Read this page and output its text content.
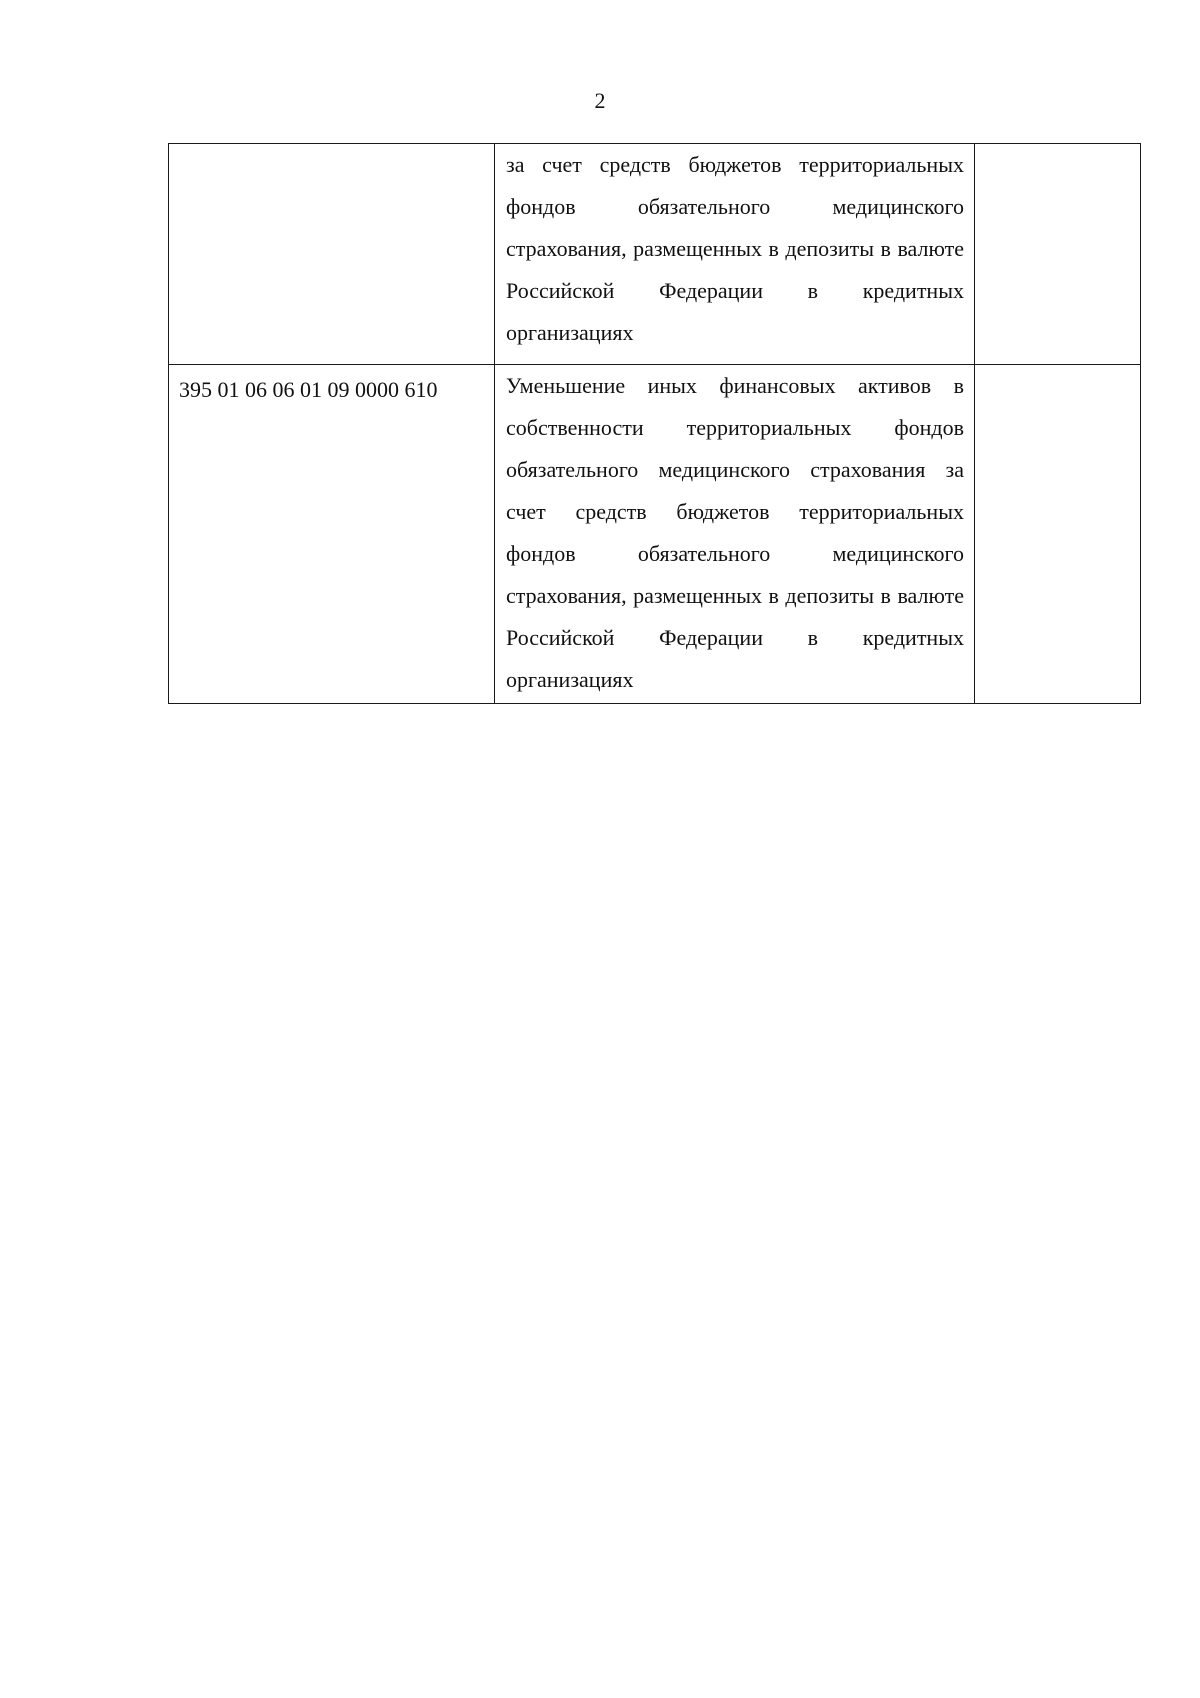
2
	за счет средств бюджетов территориальных фондов обязательного медицинского страхования, размещенных в депозиты в валюте Российской Федерации в кредитных организациях	
395 01 06 06 01 09 0000 610	Уменьшение иных финансовых активов в собственности территориальных фондов обязательного медицинского страхования за счет средств бюджетов территориальных фондов обязательного медицинского страхования, размещенных в депозиты в валюте Российской Федерации в кредитных организациях	
